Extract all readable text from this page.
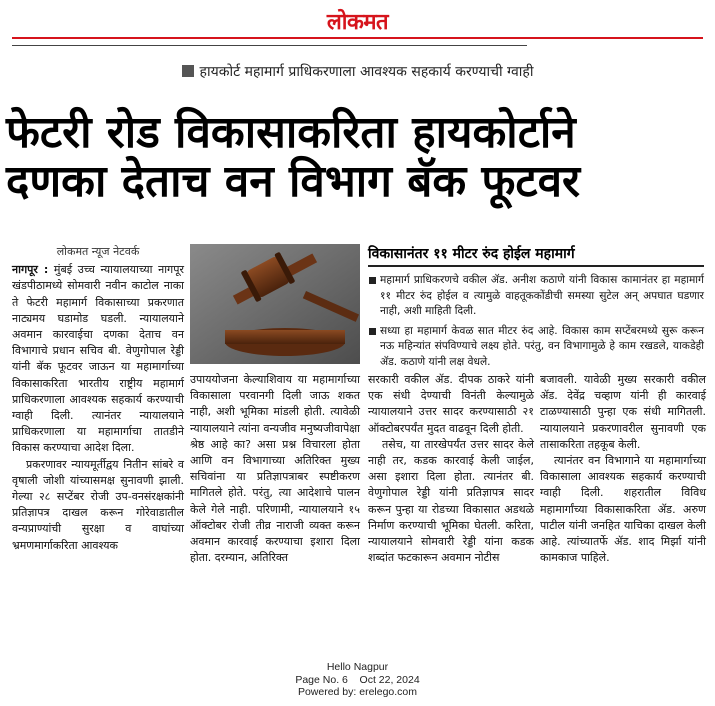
लोकमत
हायकोर्ट महामार्ग प्राधिकरणाला आवश्यक सहकार्य करण्याची ग्वाही
फेटरी रोड विकासाकरिता हायकोर्टाने
दणका देताच वन विभाग बॅक फूटवर
लोकमत न्यूज नेटवर्क

नागपूर : मुंबई उच्च न्यायालयाच्या नागपूर खंडपीठामध्ये सोमवारी नवीन काटोल नाका ते फेटरी महामार्ग विकासाच्या प्रकरणात नाट्यमय घडामोड घडली. न्यायालयाने अवमान कारवाईचा दणका देताच वन विभागाचे प्रधान सचिव बी. वेणुगोपाल रेड्डी यांनी बॅक फूटवर जाऊन या महामार्गाच्या विकासाकरिता भारतीय राष्ट्रीय महामार्ग प्राधिकरणाला आवश्यक सहकार्य करण्याची ग्वाही दिली. त्यानंतर न्यायालयाने प्राधिकरणाला या महामार्गाचा तातडीने विकास करण्याचा आदेश दिला.

प्रकरणावर न्यायमूर्तीद्वय नितीन सांबरे व वृषाली जोशी यांच्यासमक्ष सुनावणी झाली. गेल्या २८ सप्टेंबर रोजी उप-वनसंरक्षकांनी प्रतिज्ञापत्र दाखल करून गोरेवाडातील वन्यप्राण्यांची सुरक्षा व वाघांच्या भ्रमणमार्गाकरिता आवश्यक

उपाययोजना केल्याशिवाय या महामार्गाच्या विकासाला परवानगी दिली जाऊ शकत नाही, अशी भूमिका मांडली होती. त्यावेळी न्यायालयाने त्यांना वन्यजीव मनुष्यजीवापेक्षा श्रेष्ठ आहे का? असा प्रश्न विचारला होता आणि वन विभागाच्या अतिरिक्त मुख्य सचिवांना या प्रतिज्ञापत्राबर स्पष्टीकरण मागितले होते. परंतु, त्या आदेशाचे पालन केले गेले नाही. परिणामी, न्यायालयाने १५ ऑक्टोबर रोजी तीव्र नाराजी व्यक्त करून अवमान कारवाई करण्याचा इशारा दिला होता. दरम्यान, अतिरिक्त

विकासानंतर ११ मीटर रुंद होईल महामार्ग
महामार्ग प्राधिकरणचे वकील ॲड. अनीश कठाणे यांनी विकास कामानंतर हा महामार्ग ११ मीटर रुंद होईल व त्यामुळे वाहतूककोंडीची समस्या सुटेल अन् अपघात घडणार नाही, अशी माहिती दिली.
सध्या हा महामार्ग केवळ सात मीटर रुंद आहे. विकास काम सप्टेंबरमध्ये सुरू करून नऊ महिन्यांत संपविण्याचे लक्ष्य होते. परंतु, वन विभागामुळे हे काम रखडले, याकडेही ॲड. कठाणे यांनी लक्ष वेधले.

सरकारी वकील ॲड. दीपक ठाकरे यांनी एक संधी देण्याची विनंती केल्यामुळे न्यायालयाने उत्तर सादर करण्यासाठी २१ ऑक्टोबरपर्यंत मुदत वाढवून दिली होती.

तसेच, या तारखेपर्यंत उत्तर सादर केले नाही तर, कडक कारवाई केली जाईल, असा इशारा दिला होता. त्यानंतर बी. वेणुगोपाल रेड्डी यांनी प्रतिज्ञापत्र सादर करून पुन्हा या रोडच्या विकासात अडथळे निर्माण करण्याची भूमिका घेतली. करिता, न्यायालयाने सोमवारी रेड्डी यांना कडक शब्दांत फटकारून अवमान नोटीस

बजावली. यावेळी मुख्य सरकारी वकील ॲड. देवेंद्र चव्हाण यांनी ही कारवाई टाळण्यासाठी पुन्हा एक संधी मागितली. न्यायालयाने प्रकरणावरील सुनावणी एक तासाकरिता तहकूब केली.

त्यानंतर वन विभागाने या महामार्गाच्या विकासाला आवश्यक सहकार्य करण्याची ग्वाही दिली. शहरातील विविध महामार्गांच्या विकासाकरिता ॲड. अरुण पाटील यांनी जनहित याचिका दाखल केली आहे. त्यांच्यातर्फे ॲड. शाद मिर्झा यांनी कामकाज पाहिले.

Hello Nagpur
Page No. 6    Oct 22, 2024
Powered by: erelego.com
